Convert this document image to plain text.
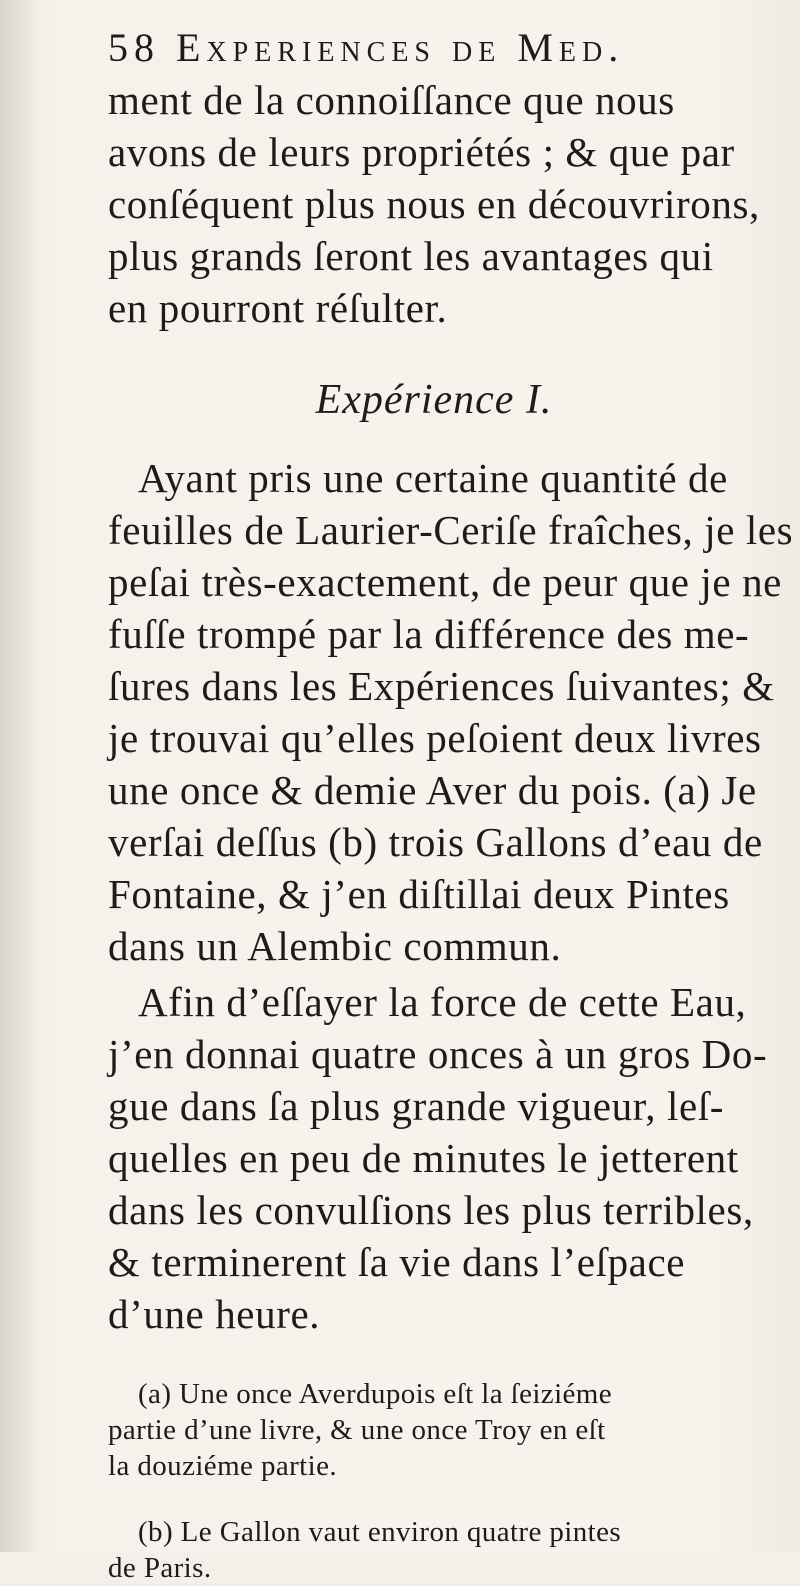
58 Experiences de Med.

ment de la connoiſſance que nous
avons de leurs propriétés ; & que par
conſéquent plus nous en découvrirons,
plus grands ſeront les avantages qui
en pourront réſulter.
Expérience I.
Ayant pris une certaine quantité de
feuilles de Laurier-Ceriſe fraîches, je les
peſai très-exactement, de peur que je ne
fuſſe trompé par la différence des me-
ſures dans les Expériences ſuivantes; &
je trouvai qu’elles peſoient deux livres
une once & demie Aver du pois. (a) Je
verſai deſſus (b) trois Gallons d’eau de
Fontaine, & j’en diſtillai deux Pintes
dans un Alembic commun.
Afin d’eſſayer la force de cette Eau,
j’en donnai quatre onces à un gros Do-
gue dans ſa plus grande vigueur, leſ-
quelles en peu de minutes le jetterent
dans les convulſions les plus terribles,
& terminerent ſa vie dans l’eſpace
d’une heure.
(a) Une once Averdupois eſt la ſeiziéme
partie d’une livre, & une once Troy en eſt
la douziéme partie.
(b) Le Gallon vaut environ quatre pintes
de Paris.
